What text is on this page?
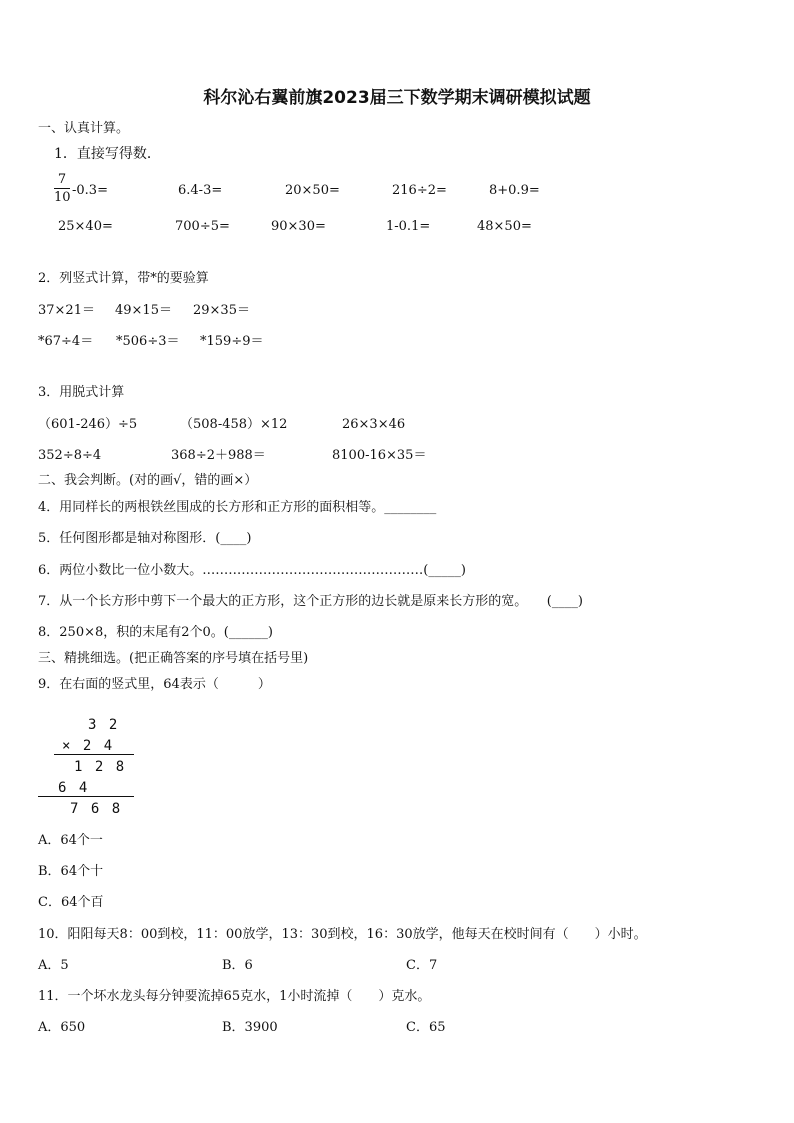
科尔沁右翼前旗2023届三下数学期末调研模拟试题
一、认真计算。
1．直接写得数．
7
10 -0.3=	6.4-3=	20×50=	216÷2=	8+0.9=
25×40=	700÷5=	90×30=	1-0.1=	48×50=
2．列竖式计算，带*的要验算
37×21＝ 49×15＝ 29×35＝
*67÷4＝ *506÷3＝ *159÷9＝
3．用脱式计算
（601-246）÷5	（508-458）×12	26×3×46
352÷8÷4	368÷2＋988＝	8100-16×35＝
二、我会判断。(对的画√，错的画×）
4．用同样长的两根铁丝围成的长方形和正方形的面积相等。________
5．任何图形都是轴对称图形．(____)
6．两位小数比一位小数大。……………………………………………(_____)
7．从一个长方形中剪下一个最大的正方形，这个正方形的边长就是原来长方形的宽。　　(____)
8．250×8，积的末尾有2个0。(______)
三、精挑细选。(把正确答案的序号填在括号里)
9．在右面的竖式里，64表示（　　　）
3 2
× 2 4
1 2 8
6 4
7 6 8
A．64个一
B．64个十
C．64个百
10．阳阳每天8：00到校，11：00放学，13：30到校，16：30放学，他每天在校时间有（　　）小时。
A．5	B．6	C．7
11．一个坏水龙头每分钟要流掉65克水，1小时流掉（　　）克水。
A．650	B．3900	C．65
